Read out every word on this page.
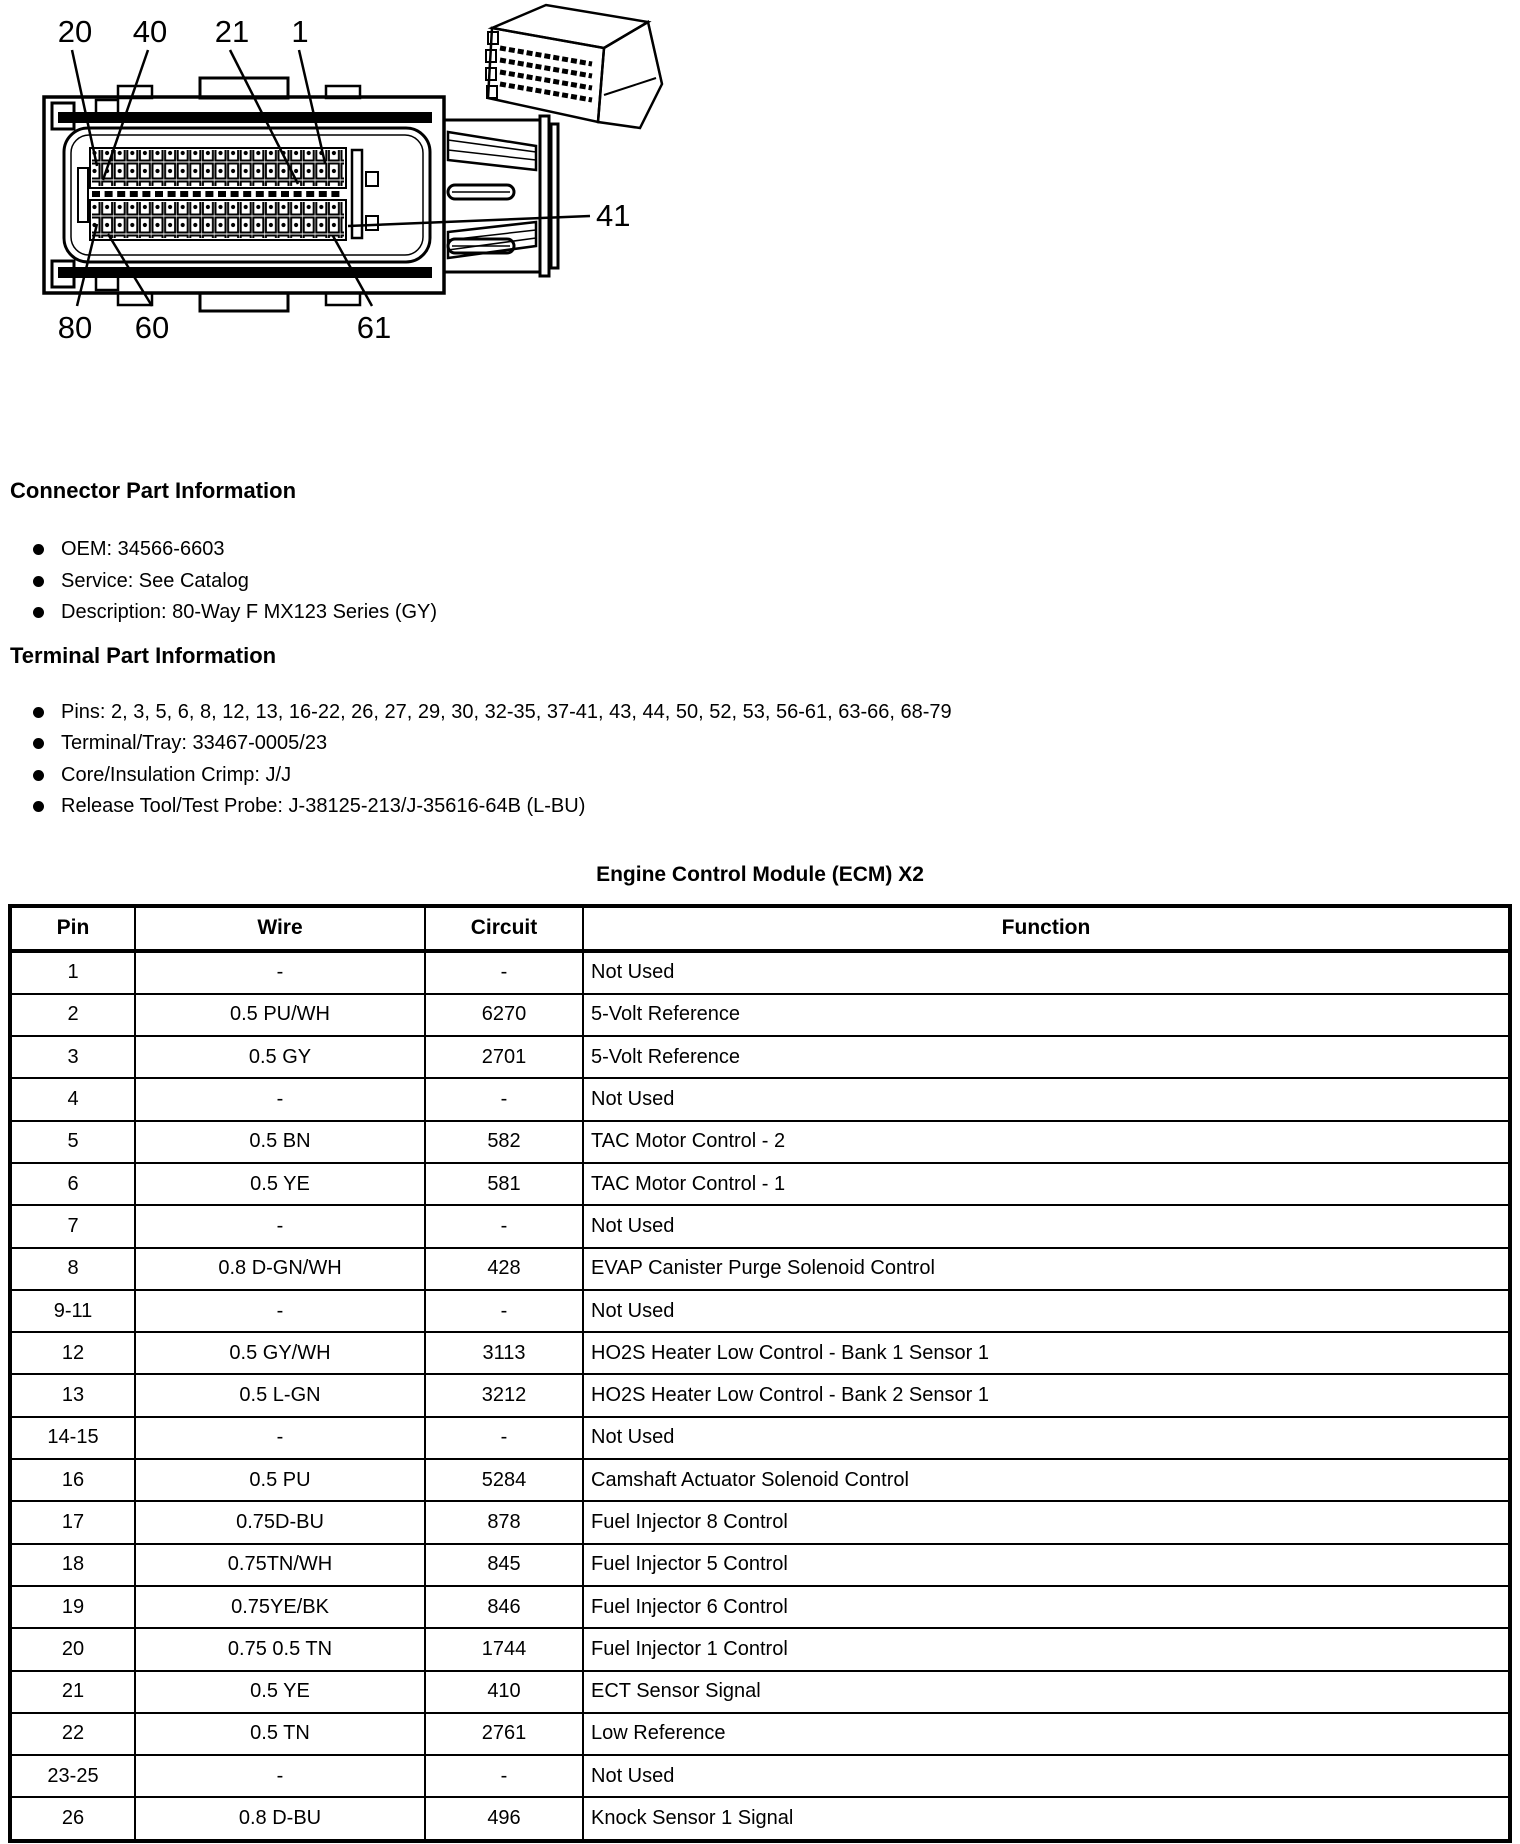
20 40 21 1
41
80 60	61
Connector Part Information
OEM: 34566-6603
Service: See Catalog
Description: 80-Way F MX123 Series (GY)
Terminal Part Information
Pins: 2, 3, 5, 6, 8, 12, 13, 16-22, 26, 27, 29, 30, 32-35, 37-41, 43, 44, 50, 52, 53, 56-61, 63-66, 68-79
Terminal/Tray: 33467-0005/23
Core/Insulation Crimp: J/J
Release Tool/Test Probe: J-38125-213/J-35616-64B (L-BU)
Engine Control Module (ECM) X2
Pin	Wire	Circuit	Function
1	-	-	Not Used
2	0.5 PU/WH	6270	5-Volt Reference
3	0.5 GY	2701	5-Volt Reference
4	-	-	Not Used
5	0.5 BN	582	TAC Motor Control - 2
6	0.5 YE	581	TAC Motor Control - 1
7	-	-	Not Used
8	0.8 D-GN/WH	428	EVAP Canister Purge Solenoid Control
9-11	-	-	Not Used
12	0.5 GY/WH	3113	HO2S Heater Low Control - Bank 1 Sensor 1
13	0.5 L-GN	3212	HO2S Heater Low Control - Bank 2 Sensor 1
14-15	-	-	Not Used
16	0.5 PU	5284	Camshaft Actuator Solenoid Control
17	0.75D-BU	878	Fuel Injector 8 Control
18	0.75TN/WH	845	Fuel Injector 5 Control
19	0.75YE/BK	846	Fuel Injector 6 Control
20	0.75 0.5 TN	1744	Fuel Injector 1 Control
21	0.5 YE	410	ECT Sensor Signal
22	0.5 TN	2761	Low Reference
23-25	-	-	Not Used
26	0.8 D-BU	496	Knock Sensor 1 Signal
